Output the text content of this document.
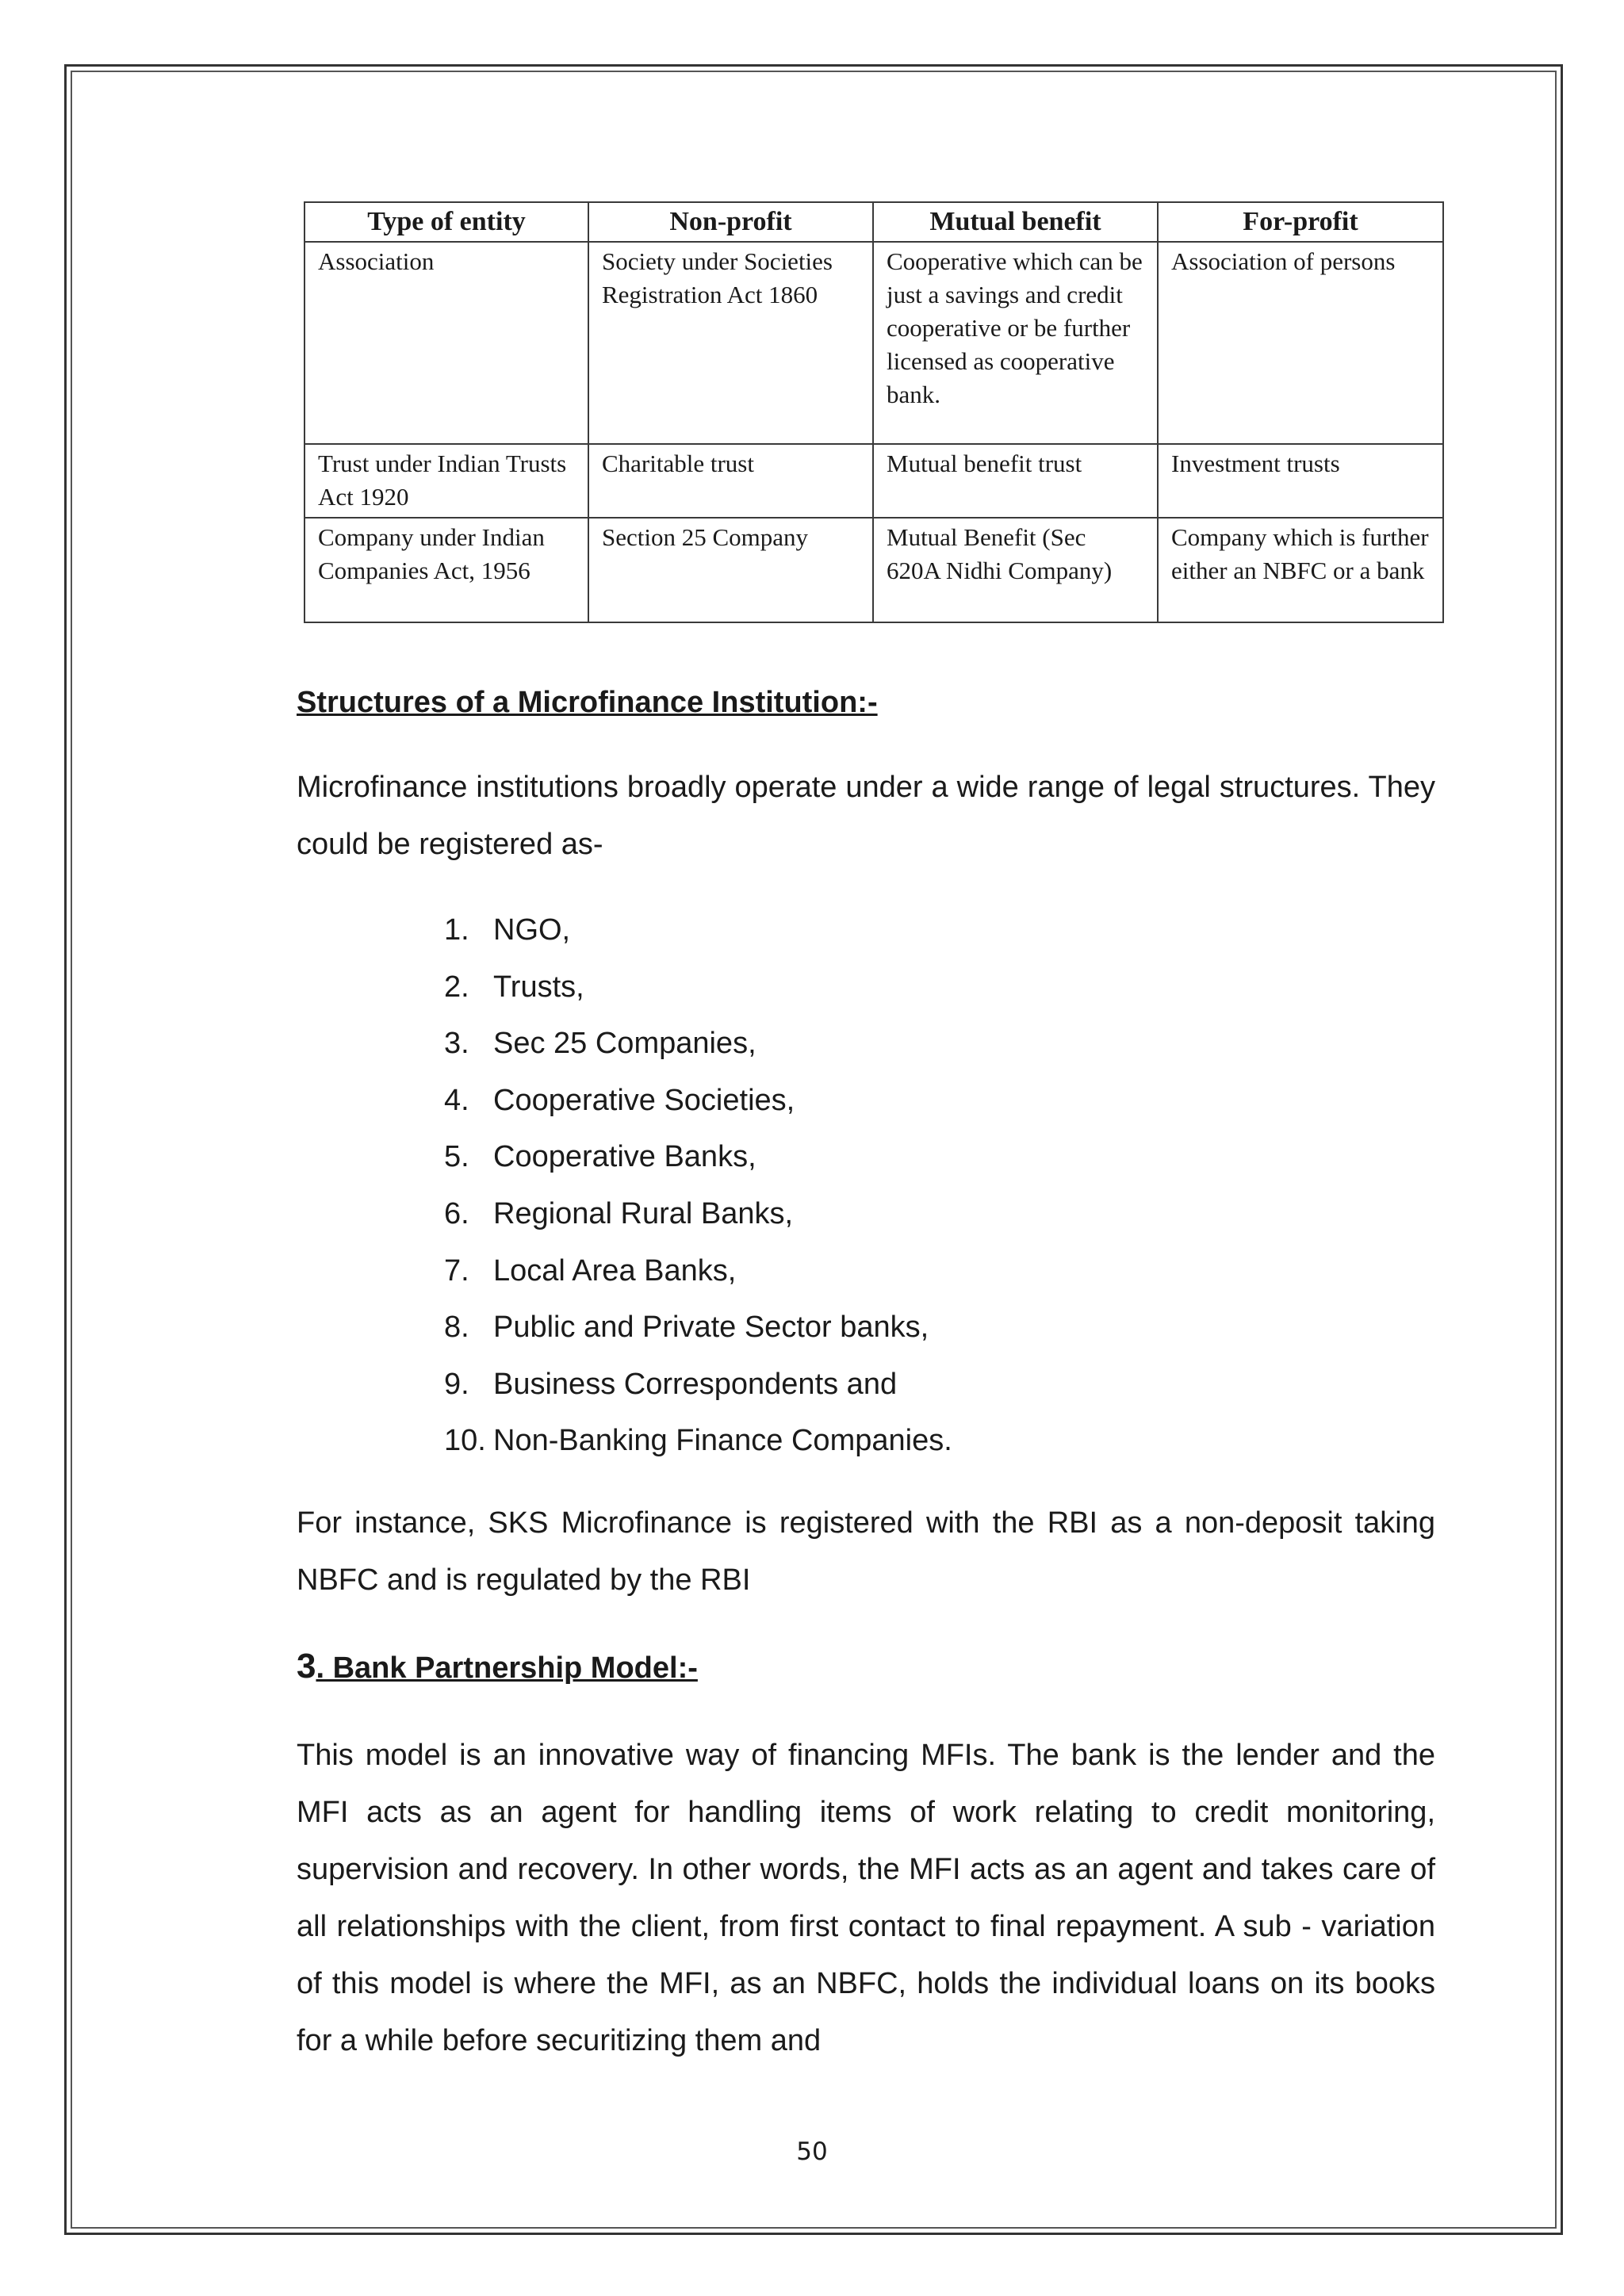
Type of entity	Non-profit	Mutual benefit	For-profit
Association	Society under Societies Registration Act 1860	Cooperative which can be just a savings and credit cooperative or be further licensed as cooperative bank.	Association of persons
Trust under Indian Trusts Act 1920	Charitable trust	Mutual benefit trust	Investment trusts
Company under Indian Companies Act, 1956	Section 25 Company	Mutual Benefit (Sec 620A Nidhi Company)	Company which is further either an NBFC or a bank
Structures of a Microfinance Institution:-
Microfinance institutions broadly operate under a wide range of legal structures. They could be registered as-
1. NGO,
2. Trusts,
3. Sec 25 Companies,
4. Cooperative Societies,
5. Cooperative Banks,
6. Regional Rural Banks,
7. Local Area Banks,
8. Public and Private Sector banks,
9. Business Correspondents and
10. Non-Banking Finance Companies.
For instance, SKS Microfinance is registered with the RBI as a non-deposit taking NBFC and is regulated by the RBI
3. Bank Partnership Model:-
This model is an innovative way of financing MFIs. The bank is the lender and the MFI acts as an agent for handling items of work relating to credit monitoring, supervision and recovery. In other words, the MFI acts as an agent and takes care of all relationships with the client, from first contact to final repayment. A sub - variation of this model is where the MFI, as an NBFC, holds the individual loans on its books for a while before securitizing them and
50
